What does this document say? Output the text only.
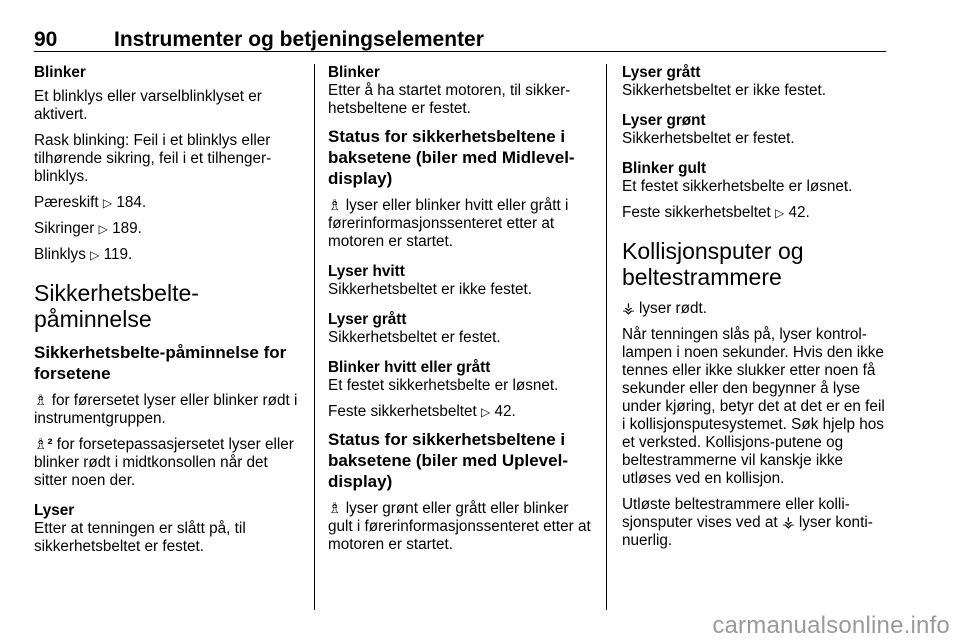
90	Instrumenter og betjeningselementer

Blinker

Et blinklys eller varselblinklyset er aktivert.

Rask blinking: Feil i et blinklys eller tilhørende sikring, feil i et tilhenger-blinklys.

Pæreskift ▷ 184.

Sikringer ▷ 189.

Blinklys ▷ 119.

Sikkerhetsbelte-påminnelse

Sikkerhetsbelte-påminnelse for forsetene

♗ for førersetet lyser eller blinker rødt i instrumentgruppen.

♗² for forsetepassasjersetet lyser eller blinker rødt i midtkonsollen når det sitter noen der.

Lyser

Etter at tenningen er slått på, til sikkerhetsbeltet er festet.

Blinker

Etter å ha startet motoren, til sikker-hetsbeltene er festet.

Status for sikkerhetsbeltene i baksetene (biler med Midlevel-display)

♗ lyser eller blinker hvitt eller grått i førerinformasjonssenteret etter at motoren er startet.

Lyser hvitt

Sikkerhetsbeltet er ikke festet.

Lyser grått

Sikkerhetsbeltet er festet.

Blinker hvitt eller grått

Et festet sikkerhetsbelte er løsnet.

Feste sikkerhetsbeltet ▷ 42.

Status for sikkerhetsbeltene i baksetene (biler med Uplevel-display)

♗ lyser grønt eller grått eller blinker gult i førerinformasjonssenteret etter at motoren er startet.

Lyser grått

Sikkerhetsbeltet er ikke festet.

Lyser grønt

Sikkerhetsbeltet er festet.

Blinker gult

Et festet sikkerhetsbelte er løsnet.

Feste sikkerhetsbeltet ▷ 42.

Kollisjonsputer og beltestrammere

⚶ lyser rødt.

Når tenningen slås på, lyser kontrol-lampen i noen sekunder. Hvis den ikke tennes eller ikke slukker etter noen få sekunder eller den begynner å lyse under kjøring, betyr det at det er en feil i kollisjonsputesystemet. Søk hjelp hos et verksted. Kollisjons-putene og beltestrammerne vil kanskje ikke utløses ved en kollisjon.

Utløste beltestrammere eller kolli-sjonsputer vises ved at ⚶ lyser konti-nuerlig.

carmanualsonline.info
